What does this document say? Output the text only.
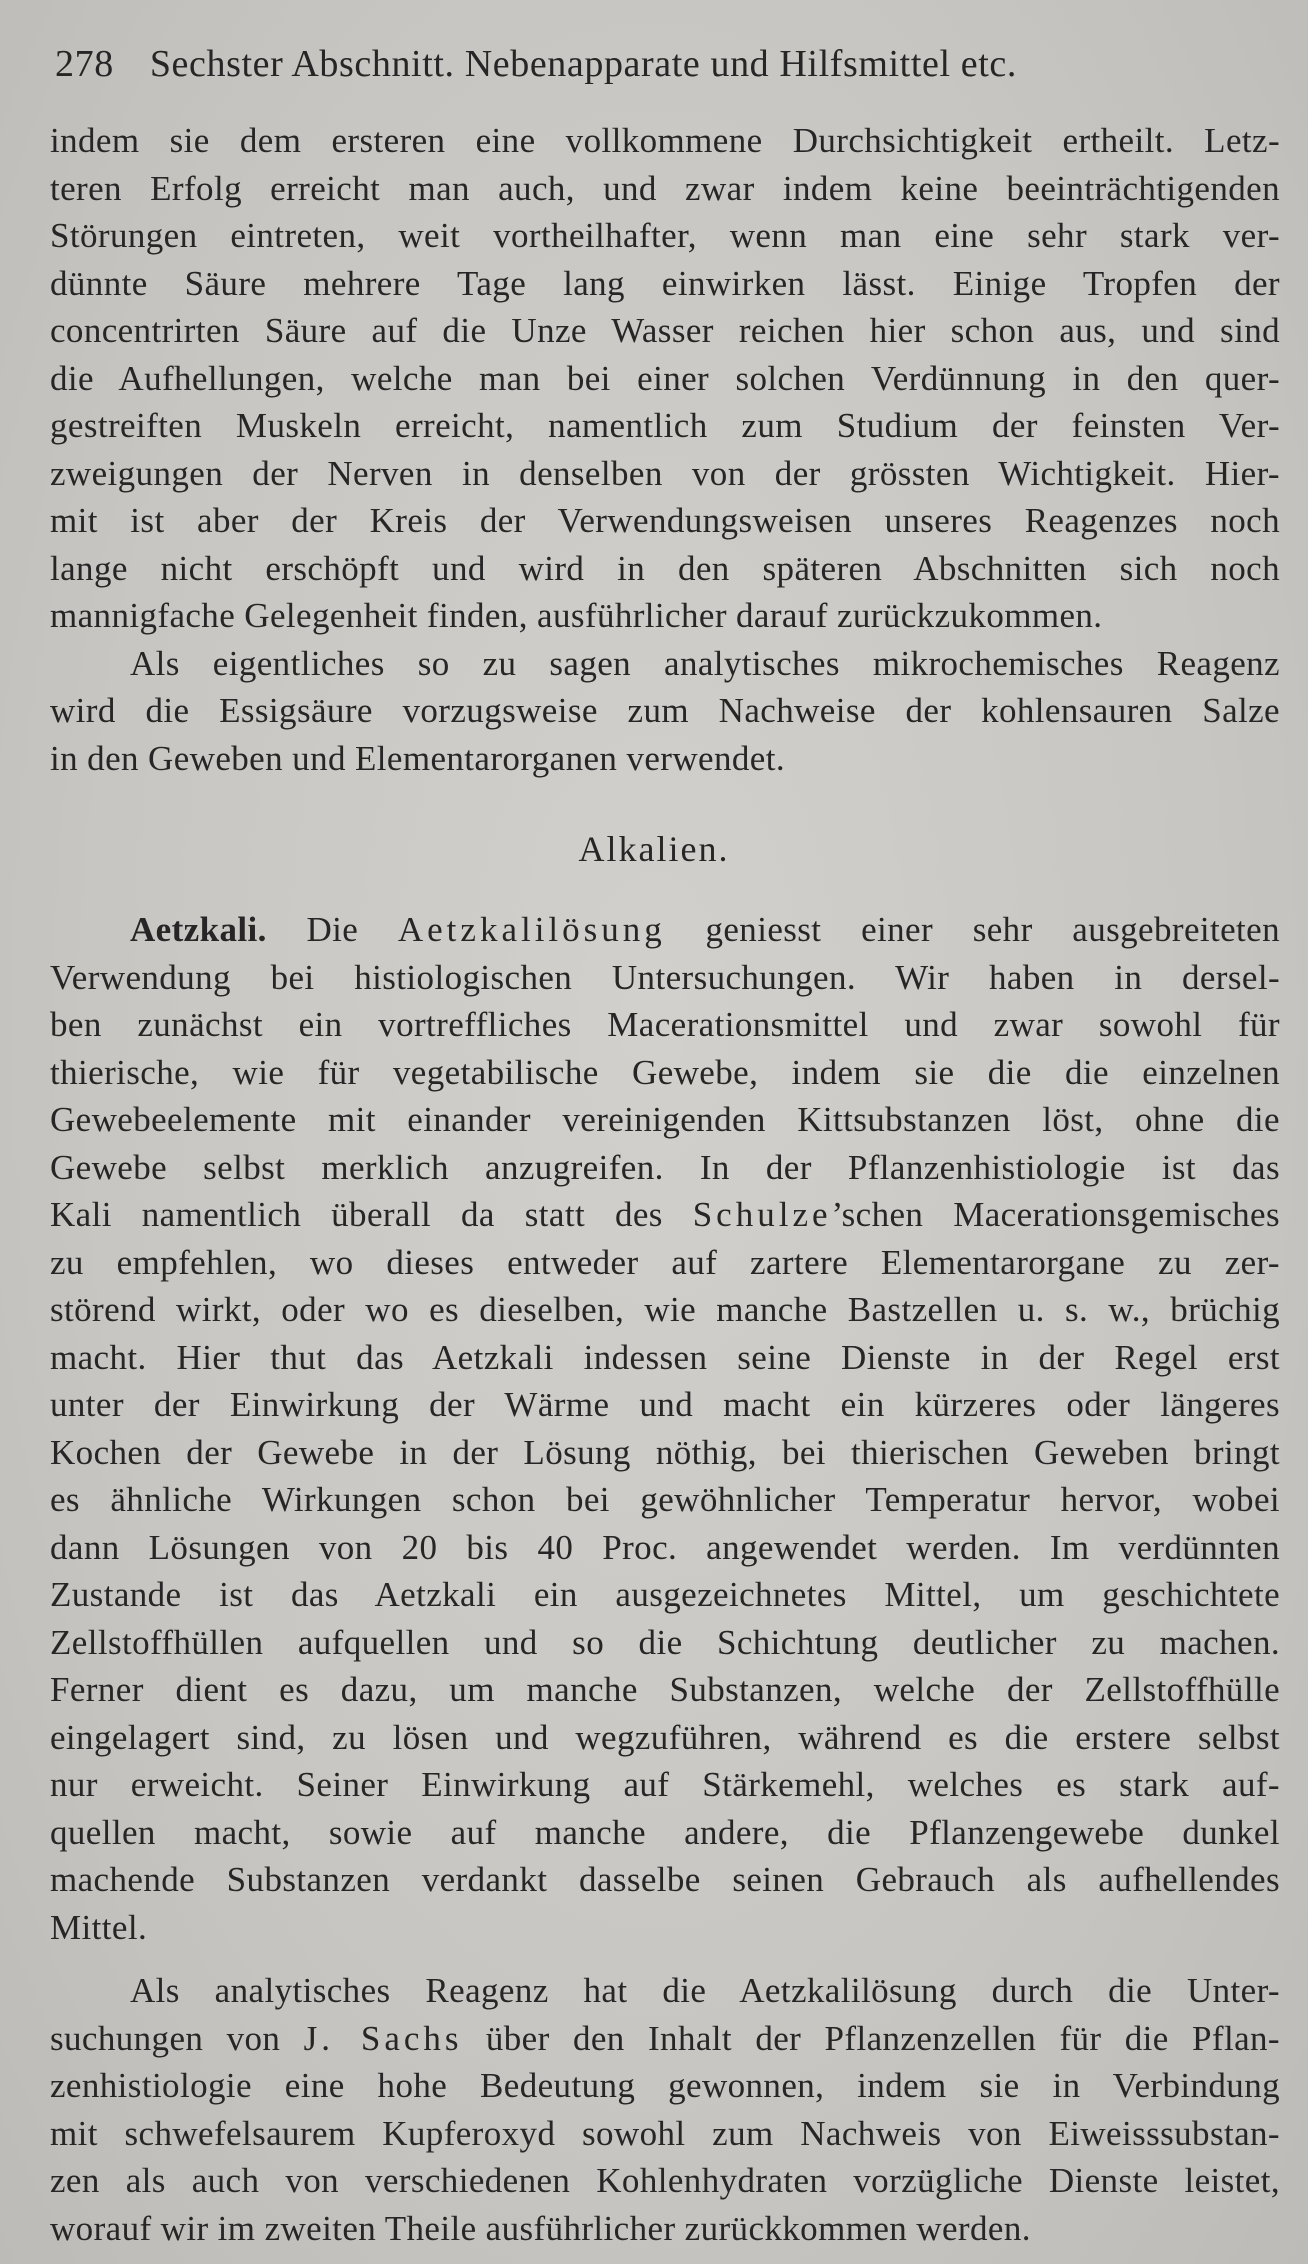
278 Sechster Abschnitt. Nebenapparate und Hilfsmittel etc.
indem sie dem ersteren eine vollkommene Durchsichtigkeit ertheilt. Letz-
teren Erfolg erreicht man auch, und zwar indem keine beeinträchtigenden
Störungen eintreten, weit vortheilhafter, wenn man eine sehr stark ver-
dünnte Säure mehrere Tage lang einwirken lässt. Einige Tropfen der
concentrirten Säure auf die Unze Wasser reichen hier schon aus, und sind
die Aufhellungen, welche man bei einer solchen Verdünnung in den quer-
gestreiften Muskeln erreicht, namentlich zum Studium der feinsten Ver-
zweigungen der Nerven in denselben von der grössten Wichtigkeit. Hier-
mit ist aber der Kreis der Verwendungsweisen unseres Reagenzes noch
lange nicht erschöpft und wird in den späteren Abschnitten sich noch
mannigfache Gelegenheit finden, ausführlicher darauf zurückzukommen.
Als eigentliches so zu sagen analytisches mikrochemisches Reagenz
wird die Essigsäure vorzugsweise zum Nachweise der kohlensauren Salze
in den Geweben und Elementarorganen verwendet.
Alkalien.
Aetzkali. Die Aetzkalilösung geniesst einer sehr ausgebreiteten
Verwendung bei histiologischen Untersuchungen. Wir haben in dersel-
ben zunächst ein vortreffliches Macerationsmittel und zwar sowohl für
thierische, wie für vegetabilische Gewebe, indem sie die die einzelnen
Gewebeelemente mit einander vereinigenden Kittsubstanzen löst, ohne die
Gewebe selbst merklich anzugreifen. In der Pflanzenhistiologie ist das
Kali namentlich überall da statt des Schulze’schen Macerationsgemisches
zu empfehlen, wo dieses entweder auf zartere Elementarorgane zu zer-
störend wirkt, oder wo es dieselben, wie manche Bastzellen u. s. w., brüchig
macht. Hier thut das Aetzkali indessen seine Dienste in der Regel erst
unter der Einwirkung der Wärme und macht ein kürzeres oder längeres
Kochen der Gewebe in der Lösung nöthig, bei thierischen Geweben bringt
es ähnliche Wirkungen schon bei gewöhnlicher Temperatur hervor, wobei
dann Lösungen von 20 bis 40 Proc. angewendet werden. Im verdünnten
Zustande ist das Aetzkali ein ausgezeichnetes Mittel, um geschichtete
Zellstoffhüllen aufquellen und so die Schichtung deutlicher zu machen.
Ferner dient es dazu, um manche Substanzen, welche der Zellstoffhülle
eingelagert sind, zu lösen und wegzuführen, während es die erstere selbst
nur erweicht. Seiner Einwirkung auf Stärkemehl, welches es stark auf-
quellen macht, sowie auf manche andere, die Pflanzengewebe dunkel
machende Substanzen verdankt dasselbe seinen Gebrauch als aufhellendes
Mittel.
Als analytisches Reagenz hat die Aetzkalilösung durch die Unter-
suchungen von J. Sachs über den Inhalt der Pflanzenzellen für die Pflan-
zenhistiologie eine hohe Bedeutung gewonnen, indem sie in Verbindung
mit schwefelsaurem Kupferoxyd sowohl zum Nachweis von Eiweisssubstan-
zen als auch von verschiedenen Kohlenhydraten vorzügliche Dienste leistet,
worauf wir im zweiten Theile ausführlicher zurückkommen werden.
